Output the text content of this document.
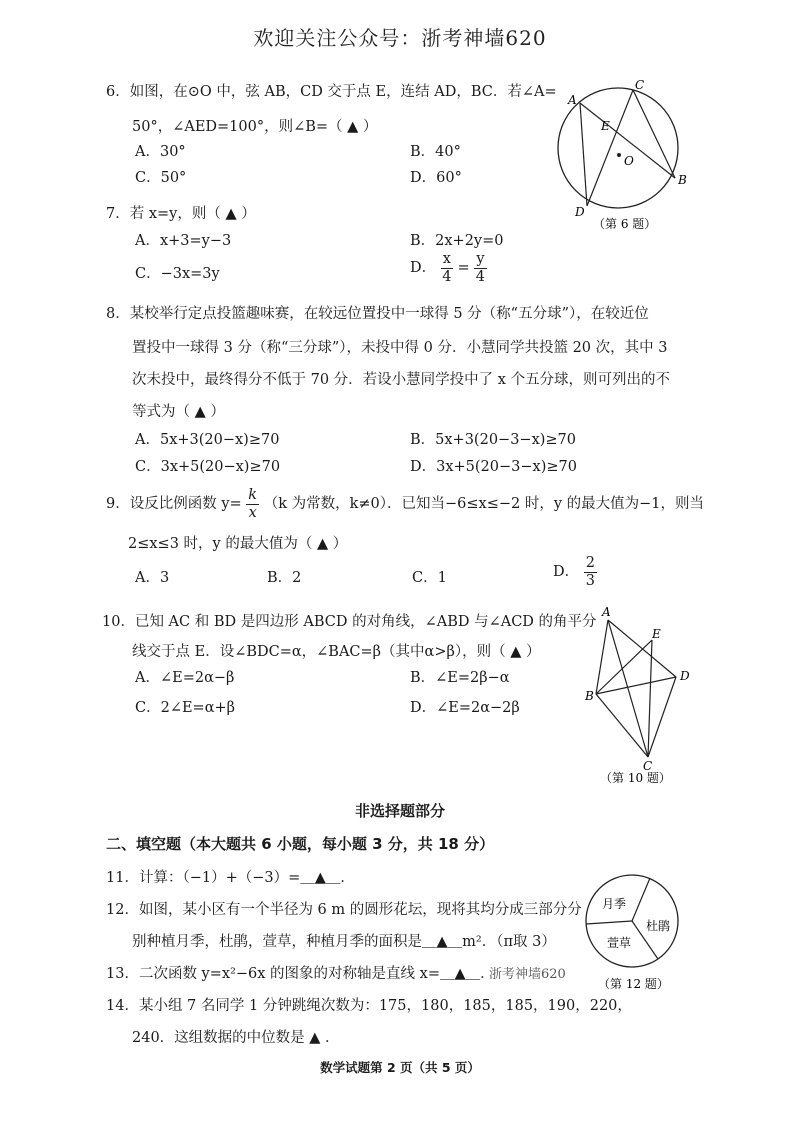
欢迎关注公众号：浙考神墙620
6．如图，在⊙O 中，弦 AB，CD 交于点 E，连结 AD，BC．若∠A=
50°，∠AED=100°，则∠B=（ ▲ ）
A．30°	B．40°
C．50°	D．60°
A
C
E
O
B
D
（第 6 题）
7．若 x=y，则（ ▲ ）
A．x+3=y−3	B．2x+2y=0
C．−3x=3y	D． $\frac{x}{4} = \frac{y}{4}$
8．某校举行定点投篮趣味赛，在较远位置投中一球得 5 分（称“五分球”），在较近位
置投中一球得 3 分（称“三分球”），未投中得 0 分．小慧同学共投篮 20 次，其中 3
次未投中，最终得分不低于 70 分．若设小慧同学投中了 x 个五分球，则可列出的不
等式为（ ▲ ）
A．5x+3(20−x)≥70	B．5x+3(20−3−x)≥70
C．3x+5(20−x)≥70	D．3x+5(20−3−x)≥70
9．设反比例函数 $y= \frac{k}{x} (k$ 为常数，k≠0）．已知当−6≤x≤−2 时，y 的最大值为−1，则当
2≤x≤3 时，y 的最大值为（ ▲ ）
A．3	B．2	C．1	D． $\frac{2}{3}$
10．已知 AC 和 BD 是四边形 ABCD 的对角线，∠ABD 与∠ACD 的角平分
线交于点 E．设∠BDC=α，∠BAC=β（其中α>β），则（ ▲ ）
A．∠E=2α−β	B．∠E=2β−α
C．2∠E=α+β	D．∠E=2α−2β
A
E
D
B
C
（第 10 题）
非选择题部分
二、填空题（本大题共 6 小题，每小题 3 分，共 18 分）
11．计算：（−1）+（−3）=＿▲＿．
12．如图，某小区有一个半径为 6 m 的圆形花坛，现将其均分成三部分分
别种植月季，杜鹃，萱草，种植月季的面积是＿▲＿m²．（π取 3）
月季
杜鹃
萱草
（第 12 题）
13．二次函数 y=x²−6x 的图象的对称轴是直线 x=＿▲＿．
浙考神墙620
14．某小组 7 名同学 1 分钟跳绳次数为：175，180，185，185，190，220，
240．这组数据的中位数是 ▲ ．
数学试题第 2 页（共 5 页）
